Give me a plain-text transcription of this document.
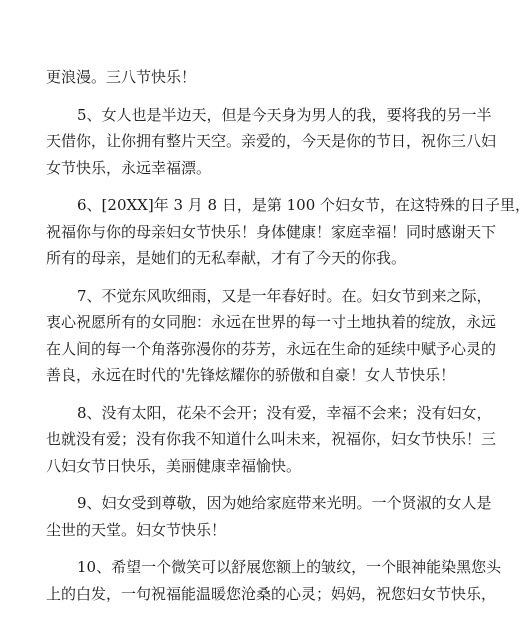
更浪漫。三八节快乐！

5、女人也是半边天，但是今天身为男人的我，要将我的另一半
天借你，让你拥有整片天空。亲爱的，今天是你的节日，祝你三八妇
女节快乐，永远幸福漂。

6、[20XX]年 3 月 8 日，是第 100 个妇女节，在这特殊的日子里，
祝福你与你的母亲妇女节快乐！身体健康！家庭幸福！同时感谢天下
所有的母亲，是她们的无私奉献，才有了今天的你我。

7、不觉东风吹细雨，又是一年春好时。在。妇女节到来之际，
衷心祝愿所有的女同胞：永远在世界的每一寸土地执着的绽放，永远
在人间的每一个角落弥漫你的芬芳，永远在生命的延续中赋予心灵的
善良，永远在时代的'先锋炫耀你的骄傲和自豪！女人节快乐！

8、没有太阳，花朵不会开；没有爱，幸福不会来；没有妇女，
也就没有爱；没有你我不知道什么叫未来，祝福你，妇女节快乐！三
八妇女节日快乐，美丽健康幸福愉快。

9、妇女受到尊敬，因为她给家庭带来光明。一个贤淑的女人是
尘世的天堂。妇女节快乐！

10、希望一个微笑可以舒展您额上的皱纹，一个眼神能染黑您头
上的白发，一句祝福能温暖您沧桑的心灵；妈妈，祝您妇女节快乐，
